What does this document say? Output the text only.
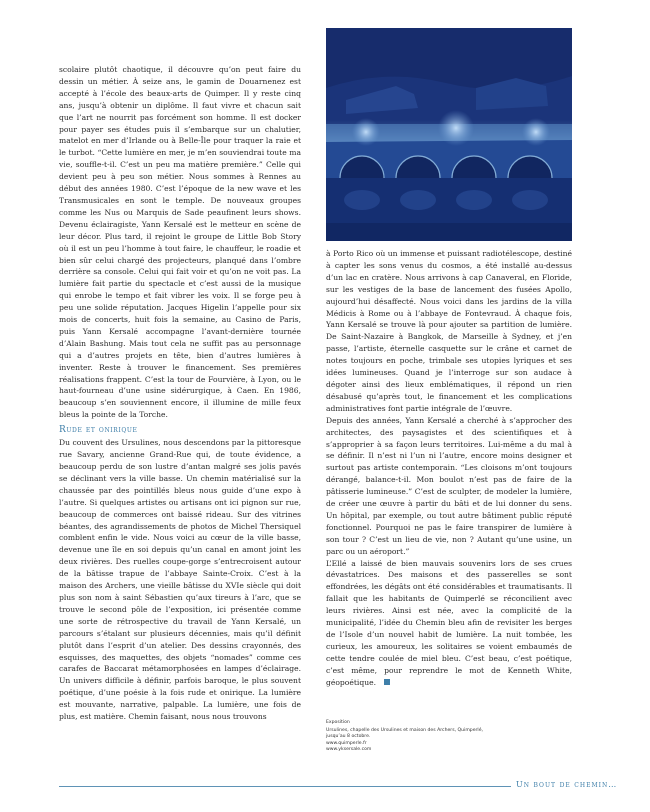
scolaire plutôt chaotique, il découvre qu’on peut faire du dessin un métier. À seize ans, le gamin de Douarnenez est accepté à l’école des beaux-arts de Quimper. Il y reste cinq ans, jusqu’à obtenir un diplôme. Il faut vivre et chacun sait que l’art ne nourrit pas forcément son homme. Il est docker pour payer ses études puis il s’embarque sur un chalutier, matelot en mer d’Irlande ou à Belle-Île pour traquer la raie et le turbot. “Cette lumière en mer, je m’en souviendrai toute ma vie, souffle-t-il. C’est un peu ma matière première.” Celle qui devient peu à peu son métier. Nous sommes à Rennes au début des années 1980. C’est l’époque de la new wave et les Transmusicales en sont le temple. De nouveaux groupes comme les Nus ou Marquis de Sade peaufinent leurs shows. Devenu éclairagiste, Yann Kersalé est le metteur en scène de leur décor. Plus tard, il rejoint le groupe de Little Bob Story où il est un peu l’homme à tout faire, le chauffeur, le roadie et bien sûr celui chargé des projecteurs, planqué dans l’ombre derrière sa console. Celui qui fait voir et qu’on ne voit pas. La lumière fait partie du spectacle et c’est aussi de la musique qui enrobe le tempo et fait vibrer les voix. Il se forge peu à peu une solide réputation. Jacques Higelin l’appelle pour six mois de concerts, huit fois la semaine, au Casino de Paris, puis Yann Kersalé accompagne l’avant-dernière tournée d’Alain Bashung. Mais tout cela ne suffit pas au personnage qui a d’autres projets en tête, bien d’autres lumières à inventer. Reste à trouver le financement. Ses premières réalisations frappent. C’est la tour de Fourvière, à Lyon, ou le haut-fourneau d’une usine sidérurgique, à Caen. En 1986, beaucoup s’en souviennent encore, il illumine de mille feux bleus la pointe de la Torche.

Rude et onirique

Du couvent des Ursulines, nous descendons par la pittoresque rue Savary, ancienne Grand-Rue qui, de toute évidence, a beaucoup perdu de son lustre d’antan malgré ses jolis pavés se déclinant vers la ville basse. Un chemin matérialisé sur la chaussée par des pointillés bleus nous guide d’une expo à l’autre. Si quelques artistes ou artisans ont ici pignon sur rue, beaucoup de commerces ont baissé rideau. Sur des vitrines béantes, des agrandissements de photos de Michel Thersiquel comblent enfin le vide. Nous voici au cœur de la ville basse, devenue une île en soi depuis qu’un canal en amont joint les deux rivières. Des ruelles coupe-gorge s’entrecroisent autour de la bâtisse trapue de l’abbaye Sainte-Croix. C’est à la maison des Archers, une vieille bâtisse du XVIe siècle qui doit plus son nom à saint Sébastien qu’aux tireurs à l’arc, que se trouve le second pôle de l’exposition, ici présentée comme une sorte de rétrospective du travail de Yann Kersalé, un parcours s’étalant sur plusieurs décennies, mais qu’il définit plutôt dans l’esprit d’un atelier. Des dessins crayonnés, des esquisses, des maquettes, des objets “nomades” comme ces carafes de Baccarat métamorphosées en lampes d’éclairage. Un univers difficile à définir, parfois baroque, le plus souvent poétique, d’une poésie à la fois rude et onirique. La lumière est mouvante, narrative, palpable. La lumière, une fois de plus, est matière. Chemin faisant, nous nous trouvons

à Porto Rico où un immense et puissant radiotélescope, destiné à capter les sons venus du cosmos, a été installé au-dessus d’un lac en cratère. Nous arrivons à cap Canaveral, en Floride, sur les vestiges de la base de lancement des fusées Apollo, aujourd’hui désaffecté. Nous voici dans les jardins de la villa Médicis à Rome ou à l’abbaye de Fontevraud. À chaque fois, Yann Kersalé se trouve là pour ajouter sa partition de lumière. De Saint-Nazaire à Bangkok, de Marseille à Sydney, et j’en passe, l’artiste, éternelle casquette sur le crâne et carnet de notes toujours en poche, trimbale ses utopies lyriques et ses idées lumineuses. Quand je l’interroge sur son audace à dégoter ainsi des lieux emblématiques, il répond un rien désabusé qu’après tout, le financement et les complications administratives font partie intégrale de l’œuvre.

Depuis des années, Yann Kersalé a cherché à s’approcher des architectes, des paysagistes et des scientifiques et à s’approprier à sa façon leurs territoires. Lui-même a du mal à se définir. Il n’est ni l’un ni l’autre, encore moins designer et surtout pas artiste contemporain. “Les cloisons m’ont toujours dérangé, balance-t-il. Mon boulot n’est pas de faire de la pâtisserie lumineuse.” C’est de sculpter, de modeler la lumière, de créer une œuvre à partir du bâti et de lui donner du sens. Un hôpital, par exemple, ou tout autre bâtiment public réputé fonctionnel. Pourquoi ne pas le faire transpirer de lumière à son tour ? C’est un lieu de vie, non ? Autant qu’une usine, un parc ou un aéroport.”

L’Ellé a laissé de bien mauvais souvenirs lors de ses crues dévastatrices. Des maisons et des passerelles se sont effondrées, les dégâts ont été considérables et traumatisants. Il fallait que les habitants de Quimperlé se réconcilient avec leurs rivières. Ainsi est née, avec la complicité de la municipalité, l’idée du Chemin bleu afin de revisiter les berges de l’Isole d’un nouvel habit de lumière. La nuit tombée, les curieux, les amoureux, les solitaires se voient embaumés de cette tendre coulée de miel bleu. C’est beau, c’est poétique, c’est même, pour reprendre le mot de Kenneth White, géopoétique.

Exposition

Ursulines, chapelle des Ursulines et maison des Archers, Quimperlé,

jusqu’au 8 octobre.

www.quimperle.fr

www.yksersale.com

Un bout de chemin…
